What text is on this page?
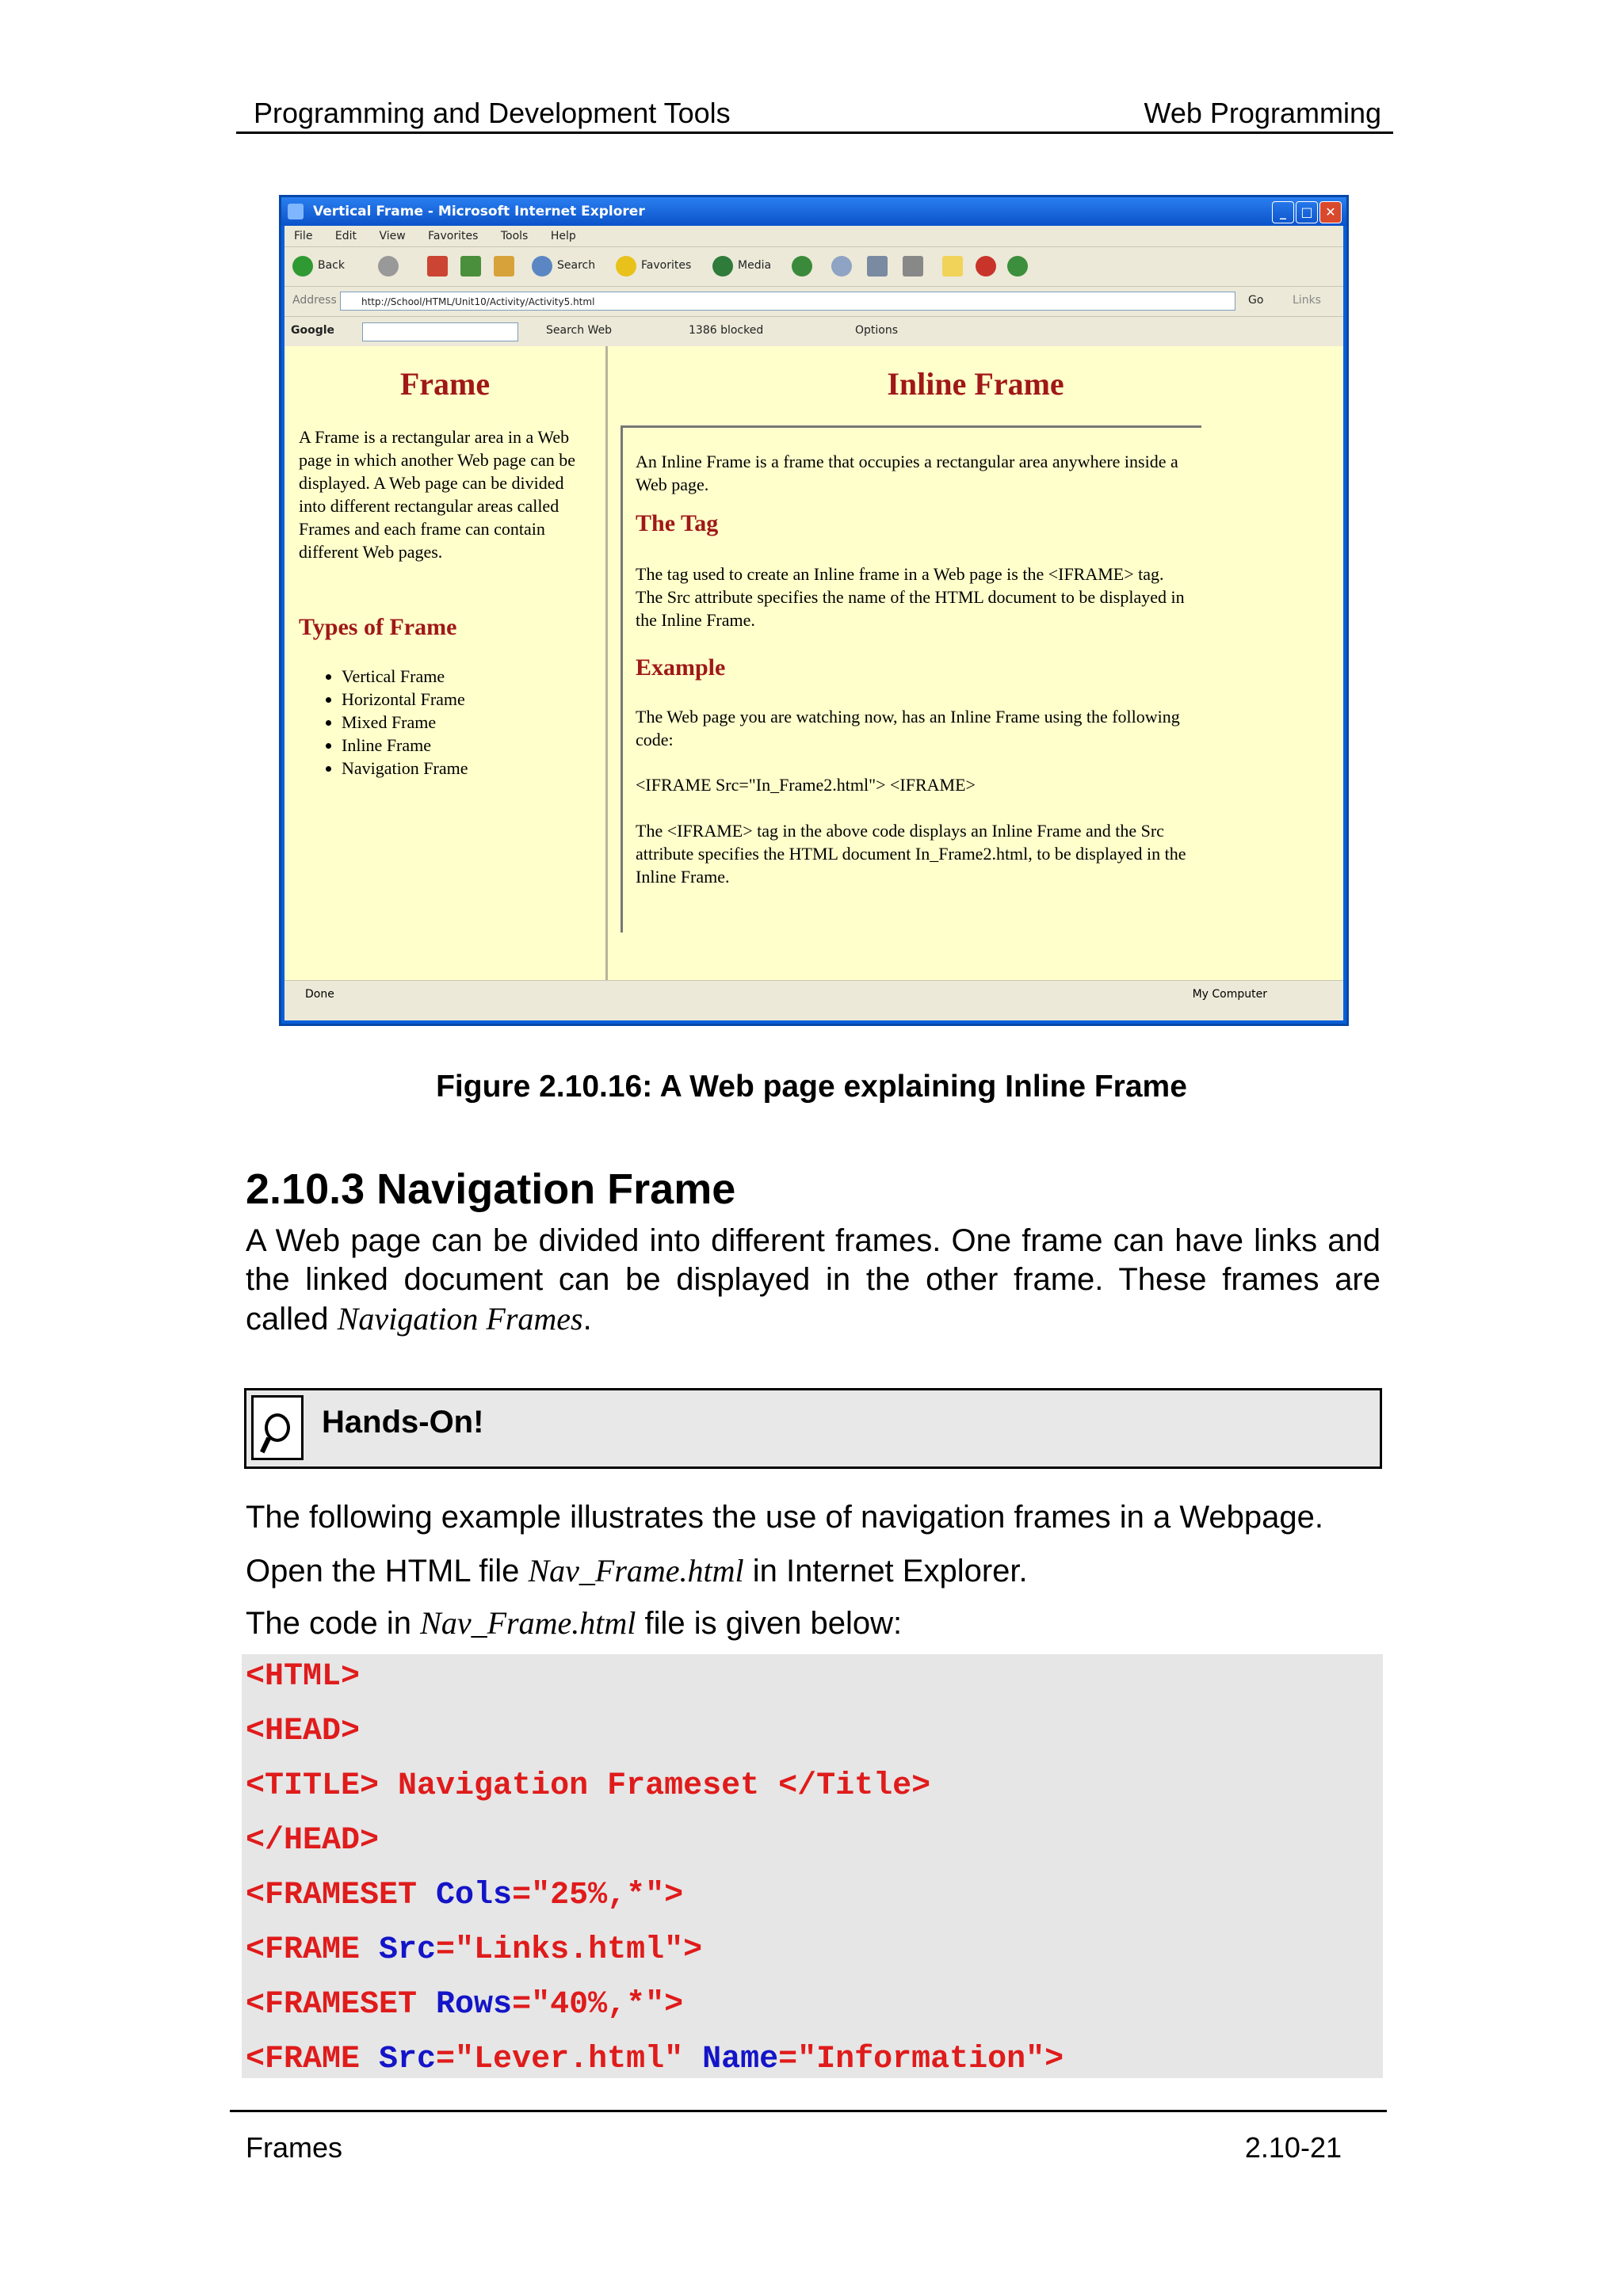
Programming and Development Tools	Web Programming
Vertical Frame - Microsoft Internet Explorer	_	□ ✕
File Edit View Favorites Tools Help
Back	Search	Favorites	Media
Address	http://School/HTML/Unit10/Activity/Activity5.html	Go	Links
Google	Search Web	1386 blocked	Options
Frame
A Frame is a rectangular area in a Web page in which another Web page can be displayed. A Web page can be divided into different rectangular areas called Frames and each frame can contain different Web pages.
Types of Frame
• Vertical Frame
• Horizontal Frame
• Mixed Frame
• Inline Frame
• Navigation Frame
Inline Frame
An Inline Frame is a frame that occupies a rectangular area anywhere inside a Web page.
The Tag
The tag used to create an Inline frame in a Web page is the <IFRAME> tag. The Src attribute specifies the name of the HTML document to be displayed in the Inline Frame.
Example
The Web page you are watching now, has an Inline Frame using the following code:
<IFRAME Src="In_Frame2.html"> <IFRAME>
The <IFRAME> tag in the above code displays an Inline Frame and the Src attribute specifies the HTML document In_Frame2.html, to be displayed in the Inline Frame.
Done	My Computer
Figure 2.10.16: A Web page explaining Inline Frame
2.10.3 Navigation Frame
A Web page can be divided into different frames. One frame can have links and the linked document can be displayed in the other frame. These frames are called Navigation Frames.
Hands-On!
The following example illustrates the use of navigation frames in a Webpage.
Open the HTML file Nav_Frame.html in Internet Explorer.
The code in Nav_Frame.html file is given below:
<HTML>
<HEAD>
<TITLE> Navigation Frameset </Title>
</HEAD>
<FRAMESET Cols="25%,*">
<FRAME Src="Links.html">
<FRAMESET Rows="40%,*">
<FRAME Src="Lever.html" Name="Information">
Frames	2.10-21
